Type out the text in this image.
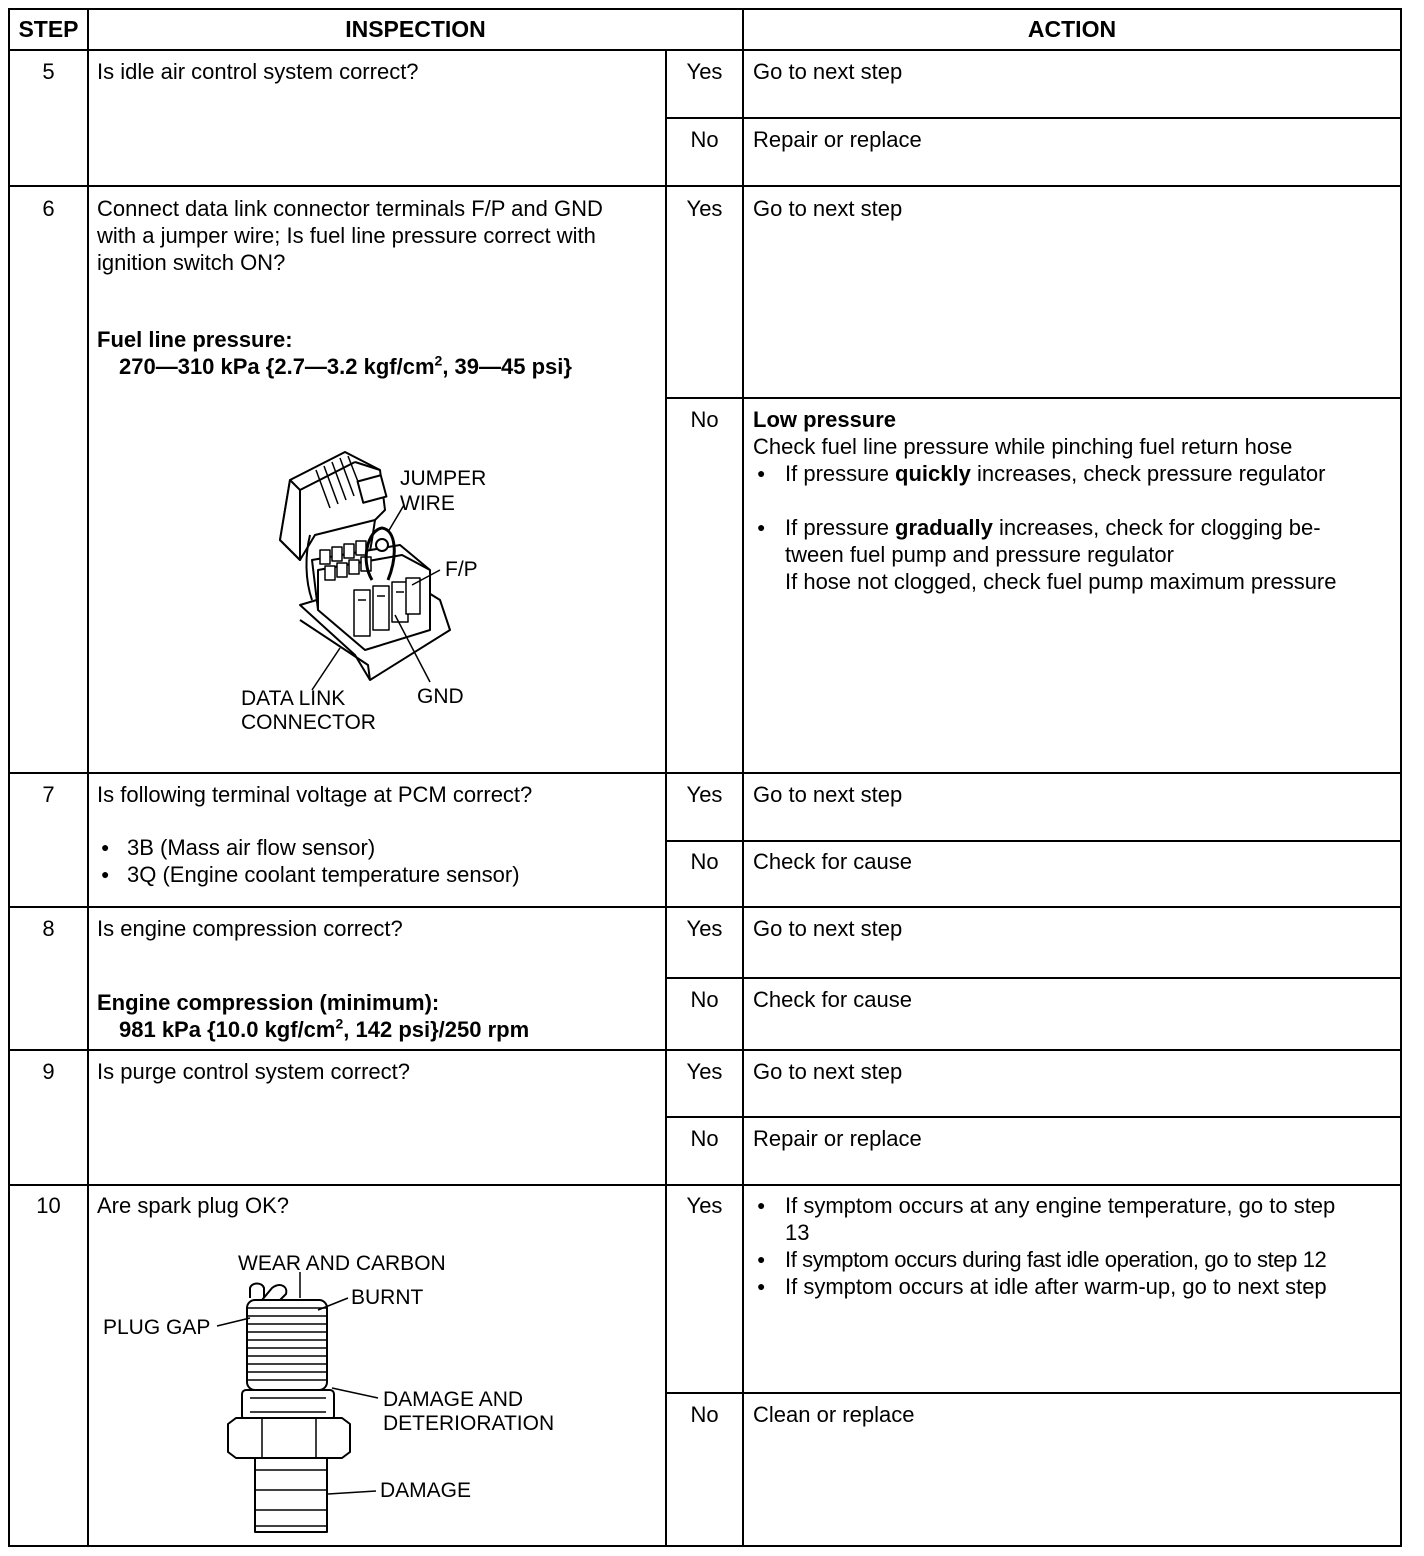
STEP	INSPECTION	ACTION
5	Is idle air control system correct?	Yes	Go to next step
No	Repair or replace
6	Connect data link connector terminals F/P and GND
with a jumper wire; Is fuel line pressure correct with
ignition switch ON?
Fuel line pressure:
270—310 kPa {2.7—3.2 kgf/$cm^2$, 39—45 psi}
JUMPER
WIRE
F/P
GND
DATA LINK
CONNECTOR
Yes	Go to next step
No	Low pressure
Check fuel line pressure while pinching fuel return hose
● If pressure quickly increases, check pressure regulator
● If pressure gradually increases, check for clogging be-
tween fuel pump and pressure regulator
If hose not clogged, check fuel pump maximum pressure
7	Is following terminal voltage at PCM correct?
● 3B (Mass air flow sensor)
● 3Q (Engine coolant temperature sensor)
Yes	Go to next step
No	Check for cause
8	Is engine compression correct?
Engine compression (minimum):
981 kPa {10.0 kgf/$cm^2$, 142 psi}/250 rpm
Yes	Go to next step
No	Check for cause
9	Is purge control system correct?	Yes	Go to next step
No	Repair or replace
10	Are spark plug OK?
WEAR AND CARBON
BURNT
PLUG GAP
DAMAGE AND
DETERIORATION
DAMAGE
Yes	● If symptom occurs at any engine temperature, go to step
13
● If symptom occurs during fast idle operation, go to step 12
● If symptom occurs at idle after warm-up, go to next step
No	Clean or replace
